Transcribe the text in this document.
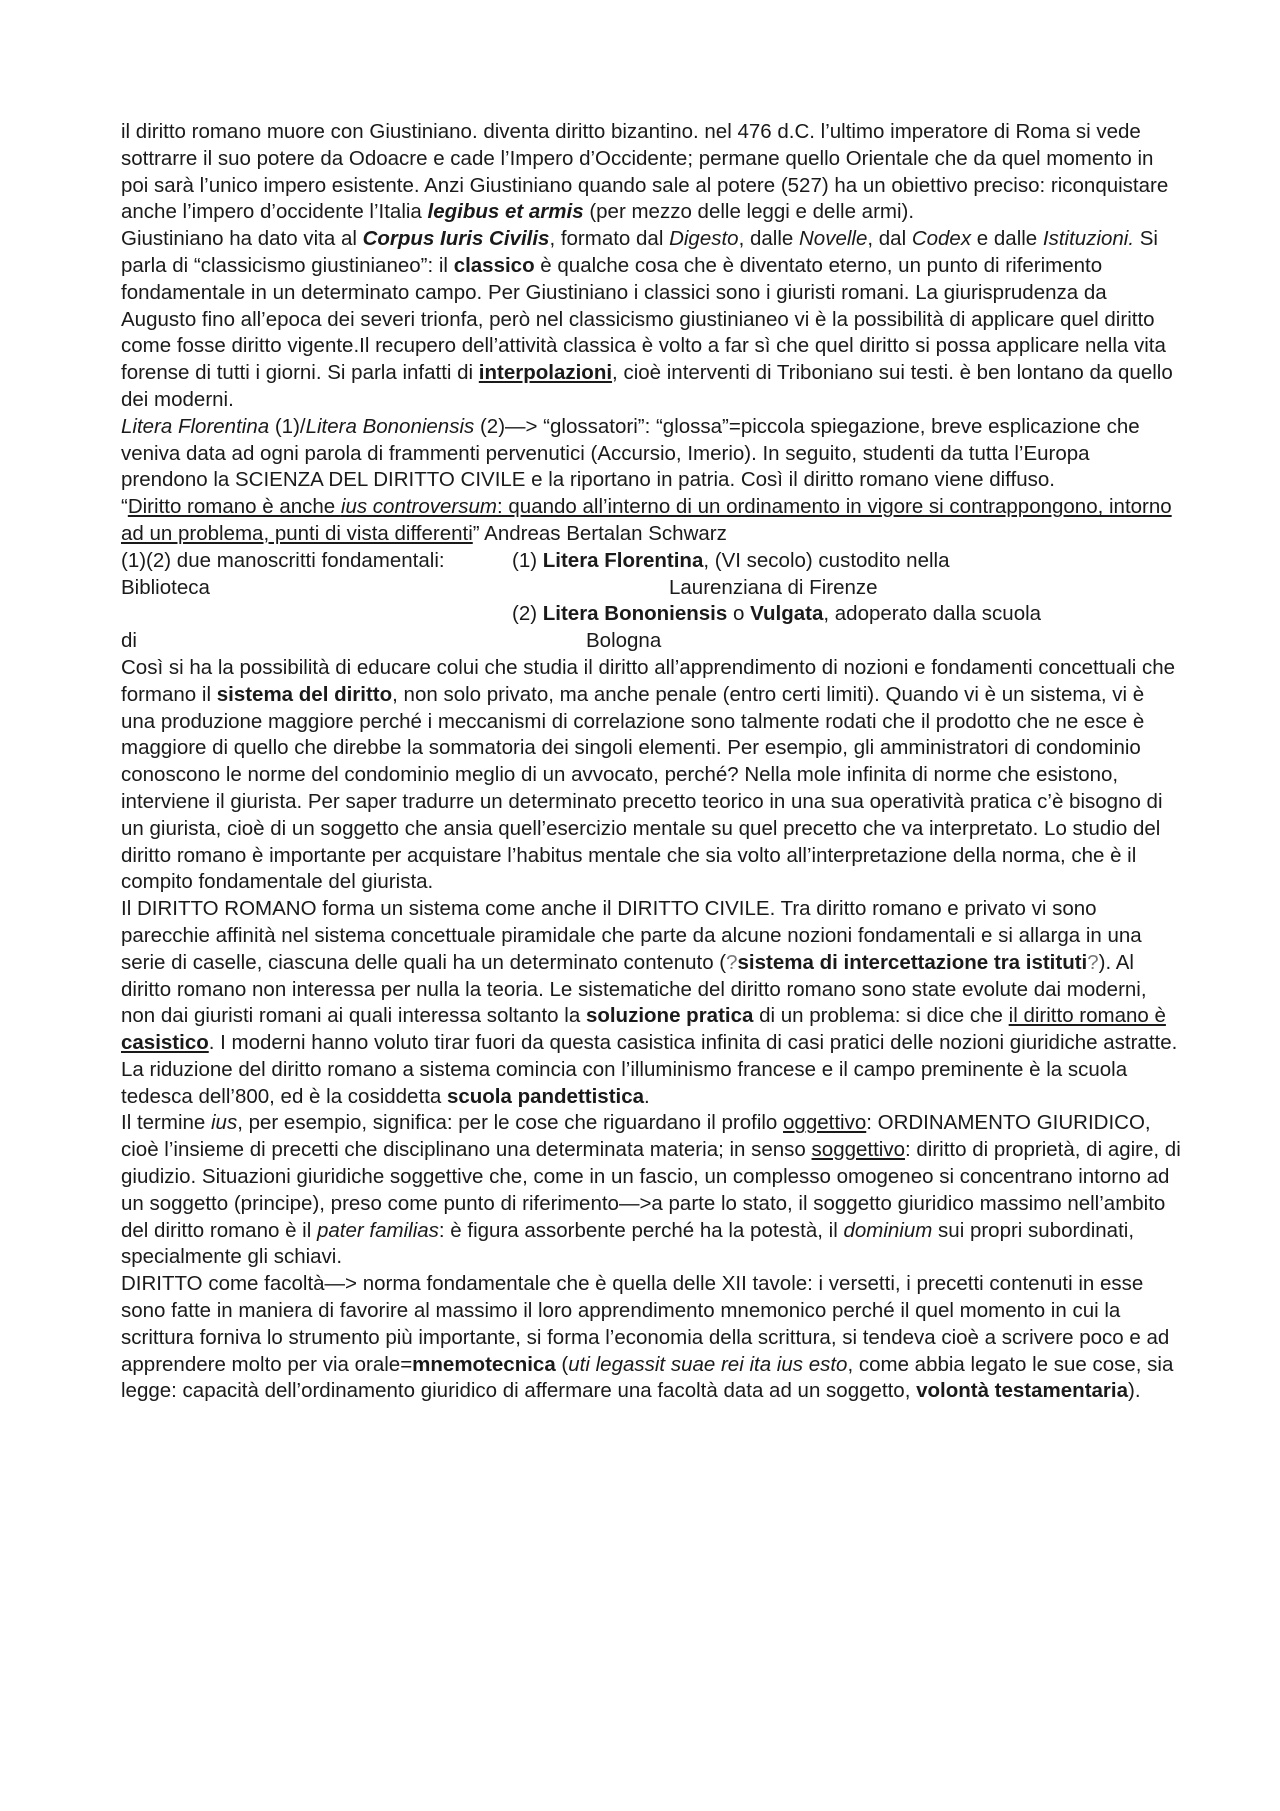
il diritto romano muore con Giustiniano. diventa diritto bizantino. nel 476 d.C. l’ultimo imperatore di Roma si vede sottrarre il suo potere da Odoacre e cade l’Impero d’Occidente; permane quello Orientale che da quel momento in poi sarà l’unico impero esistente. Anzi Giustiniano quando sale al potere (527) ha un obiettivo preciso: riconquistare anche l’impero d’occidente l’Italia legibus et armis (per mezzo delle leggi e delle armi).

Giustiniano ha dato vita al Corpus Iuris Civilis, formato dal Digesto, dalle Novelle, dal Codex e dalle Istituzioni. Si parla di “classicismo giustinianeo”: il classico è qualche cosa che è diventato eterno, un punto di riferimento fondamentale in un determinato campo. Per Giustiniano i classici sono i giuristi romani. La giurisprudenza da Augusto fino all’epoca dei severi trionfa, però nel classicismo giustinianeo vi è la possibilità di applicare quel diritto come fosse diritto vigente.Il recupero dell’attività classica è volto a far sì che quel diritto si possa applicare nella vita forense di tutti i giorni. Si parla infatti di interpolazioni, cioè interventi di Triboniano sui testi. è ben lontano da quello dei moderni.

Litera Florentina (1)/Litera Bononiensis (2)—> “glossatori”: “glossa”=piccola spiegazione, breve esplicazione che veniva data ad ogni parola di frammenti pervenutici (Accursio, Imerio). In seguito, studenti da tutta l’Europa prendono la SCIENZA DEL DIRITTO CIVILE e la riportano in patria. Così il diritto romano viene diffuso.

“Diritto romano è anche ius controversum: quando all’interno di un ordinamento in vigore si contrappongono, intorno ad un problema, punti di vista differenti” Andreas Bertalan Schwarz

(1)(2) due manoscritti fondamentali:	(1) Litera Florentina, (VI secolo) custodito nella
Biblioteca	Laurenziana di Firenze

(2) Litera Bononiensis o Vulgata, adoperato dalla scuola

di	Bologna

Così si ha la possibilità di educare colui che studia il diritto all’apprendimento di nozioni e fondamenti concettuali che formano il sistema del diritto, non solo privato, ma anche penale (entro certi limiti). Quando vi è un sistema, vi è una produzione maggiore perché i meccanismi di correlazione sono talmente rodati che il prodotto che ne esce è maggiore di quello che direbbe la sommatoria dei singoli elementi. Per esempio, gli amministratori di condominio conoscono le norme del condominio meglio di un avvocato, perché? Nella mole infinita di norme che esistono, interviene il giurista. Per saper tradurre un determinato precetto teorico in una sua operatività pratica c’è bisogno di un giurista, cioè di un soggetto che ansia quell’esercizio mentale su quel precetto che va interpretato. Lo studio del diritto romano è importante per acquistare l’habitus mentale che sia volto all’interpretazione della norma, che è il compito fondamentale del giurista.

Il DIRITTO ROMANO forma un sistema come anche il DIRITTO CIVILE. Tra diritto romano e privato vi sono parecchie affinità nel sistema concettuale piramidale che parte da alcune nozioni fondamentali e si allarga in una serie di caselle, ciascuna delle quali ha un determinato contenuto (?sistema di intercettazione tra istituti?). Al diritto romano non interessa per nulla la teoria. Le sistematiche del diritto romano sono state evolute dai moderni, non dai giuristi romani ai quali interessa soltanto la soluzione pratica di un problema: si dice che il diritto romano è casistico. I moderni hanno voluto tirar fuori da questa casistica infinita di casi pratici delle nozioni giuridiche astratte.

La riduzione del diritto romano a sistema comincia con l’illuminismo francese e il campo preminente è la scuola tedesca dell’800, ed è la cosiddetta scuola pandettistica.

Il termine ius, per esempio, significa: per le cose che riguardano il profilo oggettivo: ORDINAMENTO GIURIDICO, cioè l’insieme di precetti che disciplinano una determinata materia; in senso soggettivo: diritto di proprietà, di agire, di giudizio. Situazioni giuridiche soggettive che, come in un fascio, un complesso omogeneo si concentrano intorno ad un soggetto (principe), preso come punto di riferimento—>a parte lo stato, il soggetto giuridico massimo nell’ambito del diritto romano è il pater familias: è figura assorbente perché ha la potestà, il dominium sui propri subordinati, specialmente gli schiavi.

DIRITTO come facoltà—> norma fondamentale che è quella delle XII tavole: i versetti, i precetti contenuti in esse sono fatte in maniera di favorire al massimo il loro apprendimento mnemonico perché il quel momento in cui la scrittura forniva lo strumento più importante, si forma l’economia della scrittura, si tendeva cioè a scrivere poco e ad apprendere molto per via orale=mnemotecnica (uti legassit suae rei ita ius esto, come abbia legato le sue cose, sia legge: capacità dell’ordinamento giuridico di affermare una facoltà data ad un soggetto, volontà testamentaria).
